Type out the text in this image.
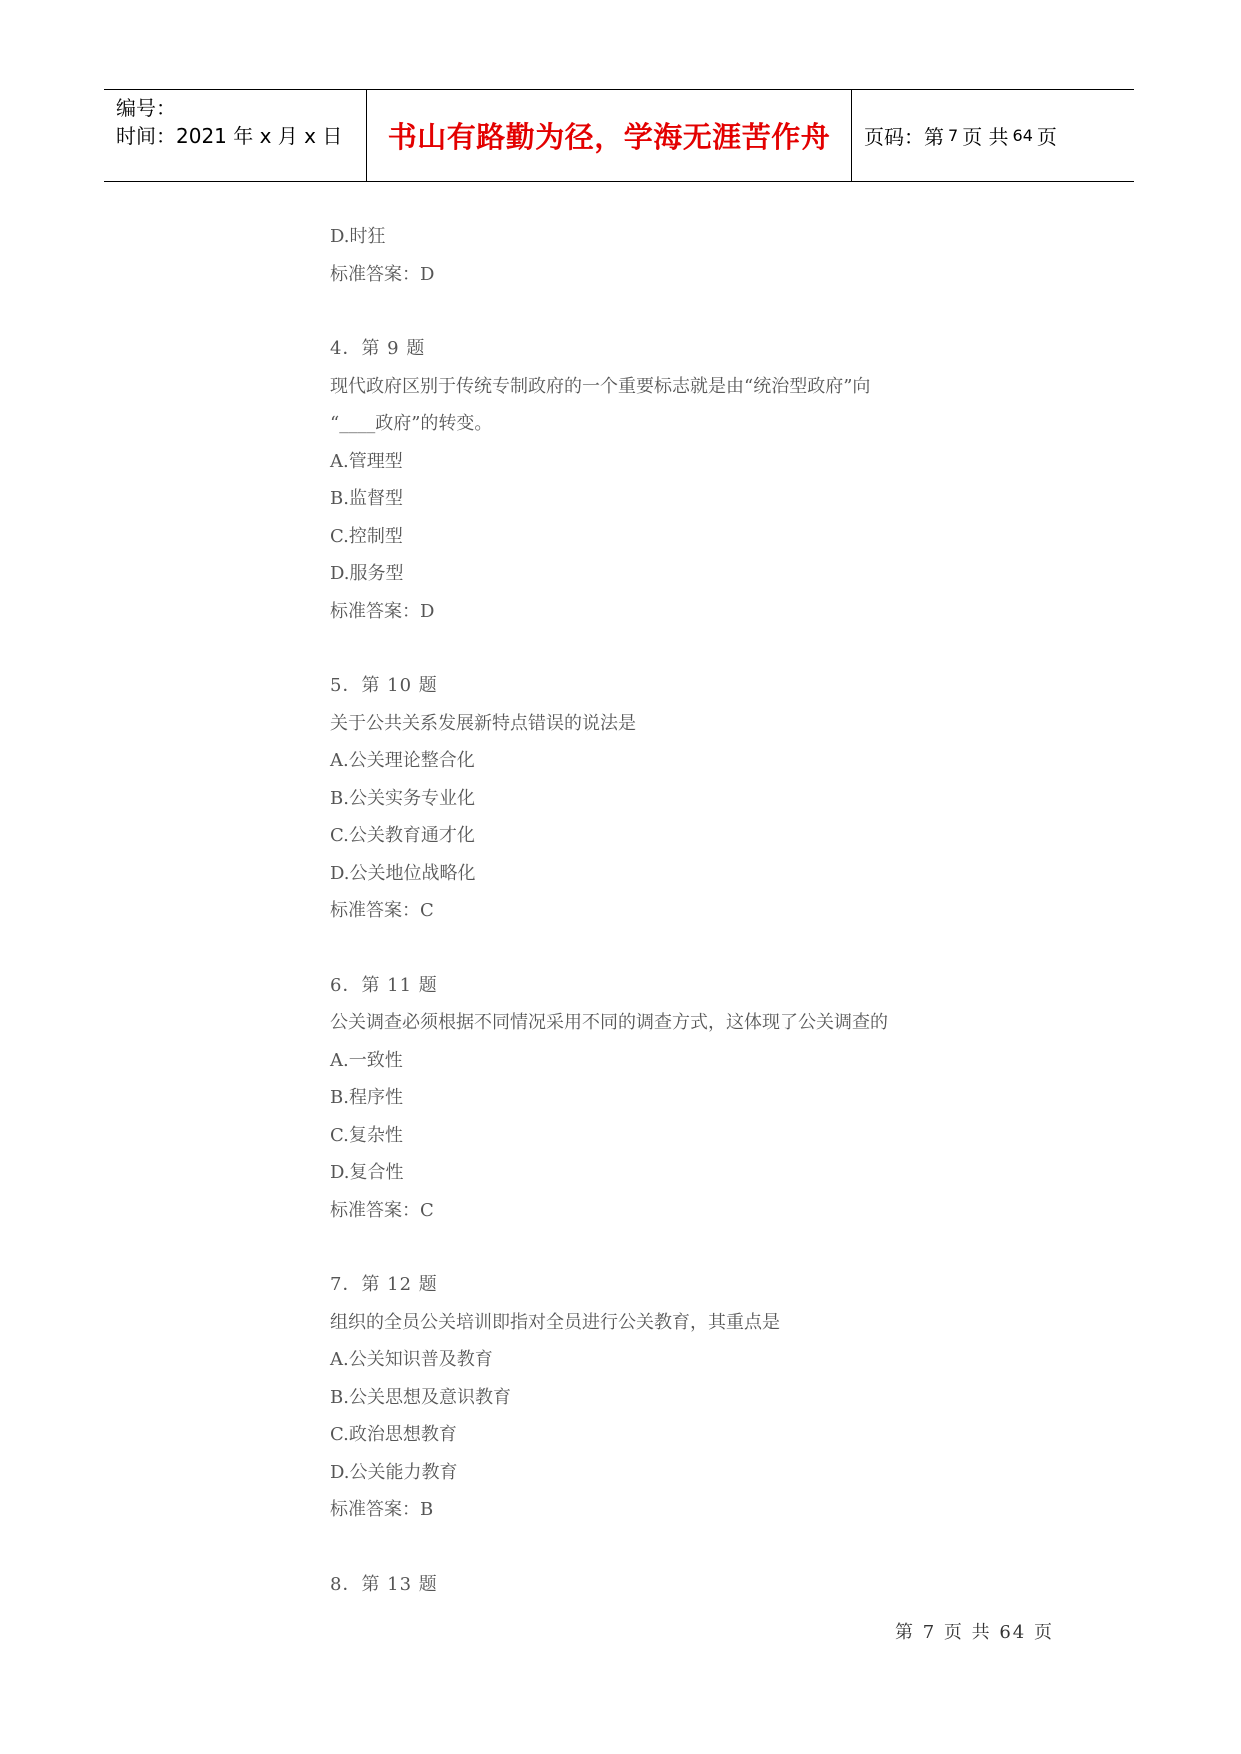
编号：
时间：2021 年 x 月 x 日	书山有路勤为径，学海无涯苦作舟	页码：第 7 页 共 64 页
D.时狂
标准答案：D
4．第 9 题
现代政府区别于传统专制政府的一个重要标志就是由“统治型政府”向
“____政府”的转变。
A.管理型
B.监督型
C.控制型
D.服务型
标准答案：D
5．第 10 题
关于公共关系发展新特点错误的说法是
A.公关理论整合化
B.公关实务专业化
C.公关教育通才化
D.公关地位战略化
标准答案：C
6．第 11 题
公关调查必须根据不同情况采用不同的调查方式，这体现了公关调查的
A.一致性
B.程序性
C.复杂性
D.复合性
标准答案：C
7．第 12 题
组织的全员公关培训即指对全员进行公关教育，其重点是
A.公关知识普及教育
B.公关思想及意识教育
C.政治思想教育
D.公关能力教育
标准答案：B
8．第 13 题
第 7 页 共 64 页
